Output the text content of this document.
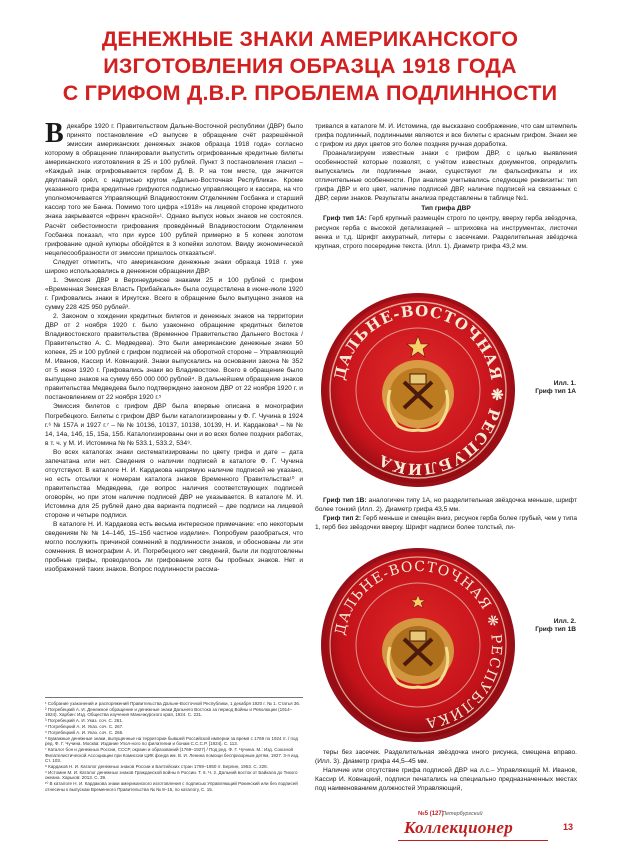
ДЕНЕЖНЫЕ ЗНАКИ АМЕРИКАНСКОГО
ИЗГОТОВЛЕНИЯ ОБРАЗЦА 1918 ГОДА
С ГРИФОМ Д.В.Р. ПРОБЛЕМА ПОДЛИННОСТИ

Вдекабре 1920 г. Правительством Дальне-Восточной республики (ДВР) было принято постановление «О выпуске в обращение счёт разрешённой эмиссии американских денежных знаков образца 1918 года» согласно которому в обращение планировали выпустить огрифованные кредитные билеты американского изготовления в 25 и 100 рублей. Пункт 3 постановления гласил – «Каждый знак огрифовывается гербом Д. В. Р. на том месте, где значится двуглавый орёл, с надписью кругом «Дально-Восточная Республика». Кроме указанного грифа кредитные грифуются подписью управляющего и кассира, на что уполномочивается Управляющий Владивостоким Отделением Госбанка и старший кассир того же Банка. Помимо того цифра «1918» на лицевой стороне кредитного знака закрывается «френч красной»¹. Однако выпуск новых знаков не состоялся. Расчёт себестоимости грифования проведённый Владивостоским Отделением Госбанка показал, что при курсе 100 рублей примерно в 5 копеек золотом грифование одной купюры обойдётся в 3 копейки золотом. Ввиду экономической нецелесообразности от эмиссии пришлось отказаться².

Следует отметить, что американские денежные знаки образца 1918 г. уже широко использовались в денежном обращении ДВР:

1. Эмиссия ДВР в Верхнеудинске знаками 25 и 100 рублей с грифом «Временная Земская Власть Прибайкалья» была осуществлена в июне-июле 1920 г. Грифовались знаки в Иркутске. Всего в обращение было выпущено знаков на сумму 228 425 950 рублей³.

2. Законом о хождении кредитных билетов и денежных знаков на территории ДВР от 2 ноября 1920 г. было узаконено обращение кредитных билетов Владивостокского правительства (Временное Правительство Дальнего Востока / Правительство А. С. Медведева). Это были американские денежные знаки 50 копеек, 25 и 100 рублей с грифом подписей на оборотной стороне – Управляющий М. Иванов, Кассир И. Ковнацкий. Знаки выпускались на основании закона № 352 от 5 июня 1920 г. Грифовались знаки во Владивостоке. Всего в обращение было выпущено знаков на сумму 650 000 000 рублей⁴. В дальнейшем обращение знаков правительства Медведева было подтверждено законом ДВР от 22 ноября 1920 г. и постановлением от 22 ноября 1920 г.⁵

Эмиссия билетов с грифом ДВР была впервые описана в монографии Погребецкого. Билеты с грифом ДВР были каталогизированы у Ф. Г. Чучина в 1924 г.⁶ № 157А и 1927 г.⁷ – № № 10136, 10137, 10138, 10139, Н. И. Кардакова⁸ – № № 14, 14а, 14б, 15, 15а, 15б. Каталогизированы они и во всех более поздних работах, в т. ч. у М. И. Истомина № № 533.1, 533.2, 534⁹.

Во всех каталогах знаки систематизированы по цвету грифа и дате – дата запечатана или нет. Сведения о наличии подписей в каталоге Ф. Г. Чучина отсутствуют. В каталоге Н. И. Кардакова напрямую наличие подписей не указано, но есть отсылки к номерам каталога знаков Временного Правительства¹⁰ и правительства Медведева, где вопрос наличия соответствующих подписей оговорён, но при этом наличие подписей ДВР не указывается. В каталоге М. И. Истомина для 25 рублей дано два варианта подписей – две подписи на лицевой стороне и четыре подписи.

В каталоге Н. И. Кардакова есть весьма интересное примечание: «по некоторым сведениям № № 14–14б, 15–15б частное изделие». Попробуем разобраться, что могло послужить причиной сомнений в подлинности знаков, и обоснованы ли эти сомнения. В монографии А. И. Погребецкого нет сведений, были ли подготовлены пробные грифы, проводилось ли грифование хотя бы пробных знаков. Нет и изображений таких знаков. Вопрос подлинности рассма-

¹ Собрание узаконений и распоряжений Правительства Дальне-Восточной Республики, 1 декабря 1920 г. № 1. Статья 36.
² Погребецкий А. И. Денежное обращение и денежные знаки Дальнего Востока за период Войны и Революции (1914–1924). Харбин: Изд. Общества изучения Маньчжурского края, 1924. С. 231.
³ Погребецкий А. И. Указ. соч. С. 261.
⁴ Погребецкий А. И. Указ. соч. С. 267.
⁵ Погребецкий А. И. Указ. соч. С. 265.
⁶ Бумажные денежные знаки, выпущенные на территории бывшей Российской империи за время с 1769 по 1924 гг. / под ред. Ф. Г. Чучина. Москва: Издание Упол-ного по филателии и бонам С.С.С.Р. [1924]. С. 113.
⁷ Каталог бон и денежных России, СССР, окраин и образований (1769–1927) / Под ред. Ф. Г. Чучина. М.: Изд. Союзной Филателистической Ассоциации при Комиссии ЦИК фонда им. В. И. Ленина помощи беспризорным детям, 1927. 3-я изд. Ст. 103.
⁸ Кардаков Н. И. Каталог денежных знаков России и Балтийских стран 1769–1950 гг. Берлин, 1953. С. 228.
⁹ Истомин М. И. Каталог денежных знаков Гражданской войны в России. Т. 6. Ч. 2. Дальний восток от Байкала до Тихого океана. Харьков: 2013. С. 39.
¹⁰ В каталоге Н. И. Кардакова знаки американского изготовления с подписью Управляющий Рокинский или без подписей отнесены к выпускам Временного Правительства № № 8–15, по каталогу, С. 15.

тривался в каталоге М. И. Истомина, где высказано соображение, что сам штемпель грифа подлинный, подлинными являются и все билеты с красным грифом. Знаки же с грифом из двух цветов это более поздняя ручная доработка.

Проанализируем известные знаки с грифом ДВР, с целью выявления особенностей которые позволят, с учётом известных документов, определить выпускались ли подлинные знаки, существуют ли фальсификаты и их отличительные особенности. При анализе учитывались следующие реквизиты: тип грифа ДВР и его цвет, наличие подписей ДВР, наличие подписей на связанных с ДВР, серии знаков. Результаты анализа представлены в таблице №1.

Тип грифа ДВР

Гриф тип 1А: Герб крупный размещён строго по центру, вверху герба звёздочка, рисунок герба с высокой детализацией – штриховка на инструментах, листочки венка и т.д. Шрифт аккуратный, литеры с засечками. Разделительная звёздочка крупная, строго посередине текста. (Илл. 1). Диаметр грифа 43,2 мм.

ДАЛЬНЕ-ВОСТОЧНАЯ ❋ РЕСПУБЛИКА
Илл. 1.
Гриф тип 1А

Гриф тип 1В: аналогичен типу 1А, но разделительная звёздочка меньше, шрифт более тонкий (Илл. 2). Диаметр грифа 43,5 мм.

Гриф тип 2: Герб меньше и смещён вниз, рисунок герба более грубый, чем у типа 1, герб без звёздочки вверху. Шрифт надписи более толстый, ли-

ДАЛЬНЕ-ВОСТОЧНАЯ ❋ РЕСПУБЛИКА
Илл. 2.
Гриф тип 1В

теры без засечек. Разделительная звёздочка иного рисунка, смещена вправо. (Илл. 3). Диаметр грифа 44,5–45 мм.

Наличие или отсутствие грифа подписей ДВР на л.с.– Управляющий М. Иванов, Кассир И. Ковнацкий, подписи печатались на специально предназначенных местах под наименованием должностей Управляющий,

№5 (127)
Петербургский
Коллекционер	13
